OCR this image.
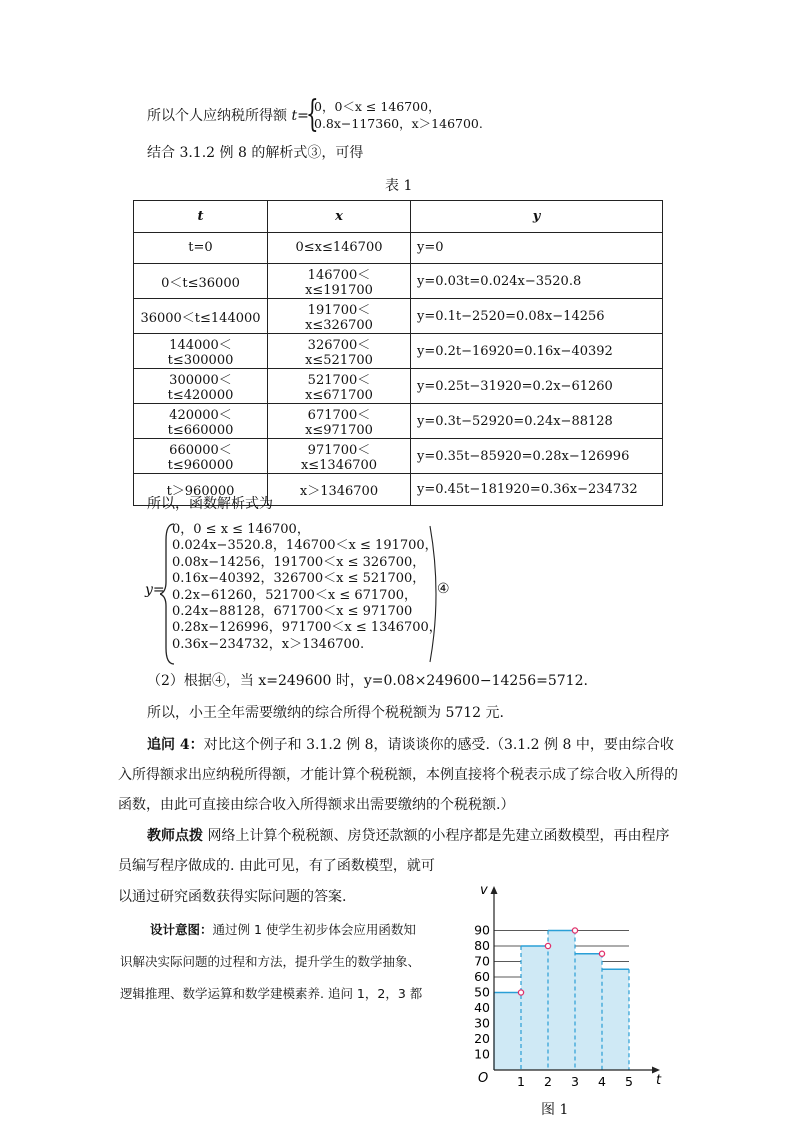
所以个人应纳税所得额 t=
{
0，0＜x ≤ 146700，
0.8x−117360，x＞146700.
结合 3.1.2 例 8 的解析式③，可得
表 1
t	x	y
t=0	0≤x≤146700	y=0
0＜t≤36000	146700＜x≤191700	y=0.03t=0.024x−3520.8
36000＜t≤144000	191700＜x≤326700	y=0.1t−2520=0.08x−14256
144000＜t≤300000	326700＜x≤521700	y=0.2t−16920=0.16x−40392
300000＜t≤420000	521700＜x≤671700	y=0.25t−31920=0.2x−61260
420000＜t≤660000	671700＜x≤971700	y=0.3t−52920=0.24x−88128
660000＜t≤960000	971700＜x≤1346700	y=0.35t−85920=0.28x−126996
t＞960000	x＞1346700	y=0.45t−181920=0.36x−234732
所以，函数解析式为
y=
0，0 ≤ x ≤ 146700，
0.024x−3520.8，146700＜x ≤ 191700，
0.08x−14256，191700＜x ≤ 326700，
0.16x−40392，326700＜x ≤ 521700，
0.2x−61260，521700＜x ≤ 671700，
0.24x−88128，671700＜x ≤ 971700
0.28x−126996，971700＜x ≤ 1346700，
0.36x−234732，x＞1346700.
④
（2）根据④，当 x=249600 时，y=0.08×249600−14256=5712.
所以，小王全年需要缴纳的综合所得个税税额为 5712 元.
追问 4：对比这个例子和 3.1.2 例 8，请谈谈你的感受.（3.1.2 例 8 中，要由综合收
入所得额求出应纳税所得额，才能计算个税税额，本例直接将个税表示成了综合收入所得的
函数，由此可直接由综合收入所得额求出需要缴纳的个税税额.）
教师点拨 网络上计算个税税额、房贷还款额的小程序都是先建立函数模型，再由程序
员编写程序做成的. 由此可见，有了函数模型，就可
以通过研究函数获得实际问题的答案.
设计意图：通过例 1 使学生初步体会应用函数知
识解决实际问题的过程和方法，提升学生的数学抽象、
逻辑推理、数学运算和数学建模素养. 追问 1，2，3 都
v
t
O
10
20
30
40
50
60
70
80
90
1 2 3 4 5
图 1
